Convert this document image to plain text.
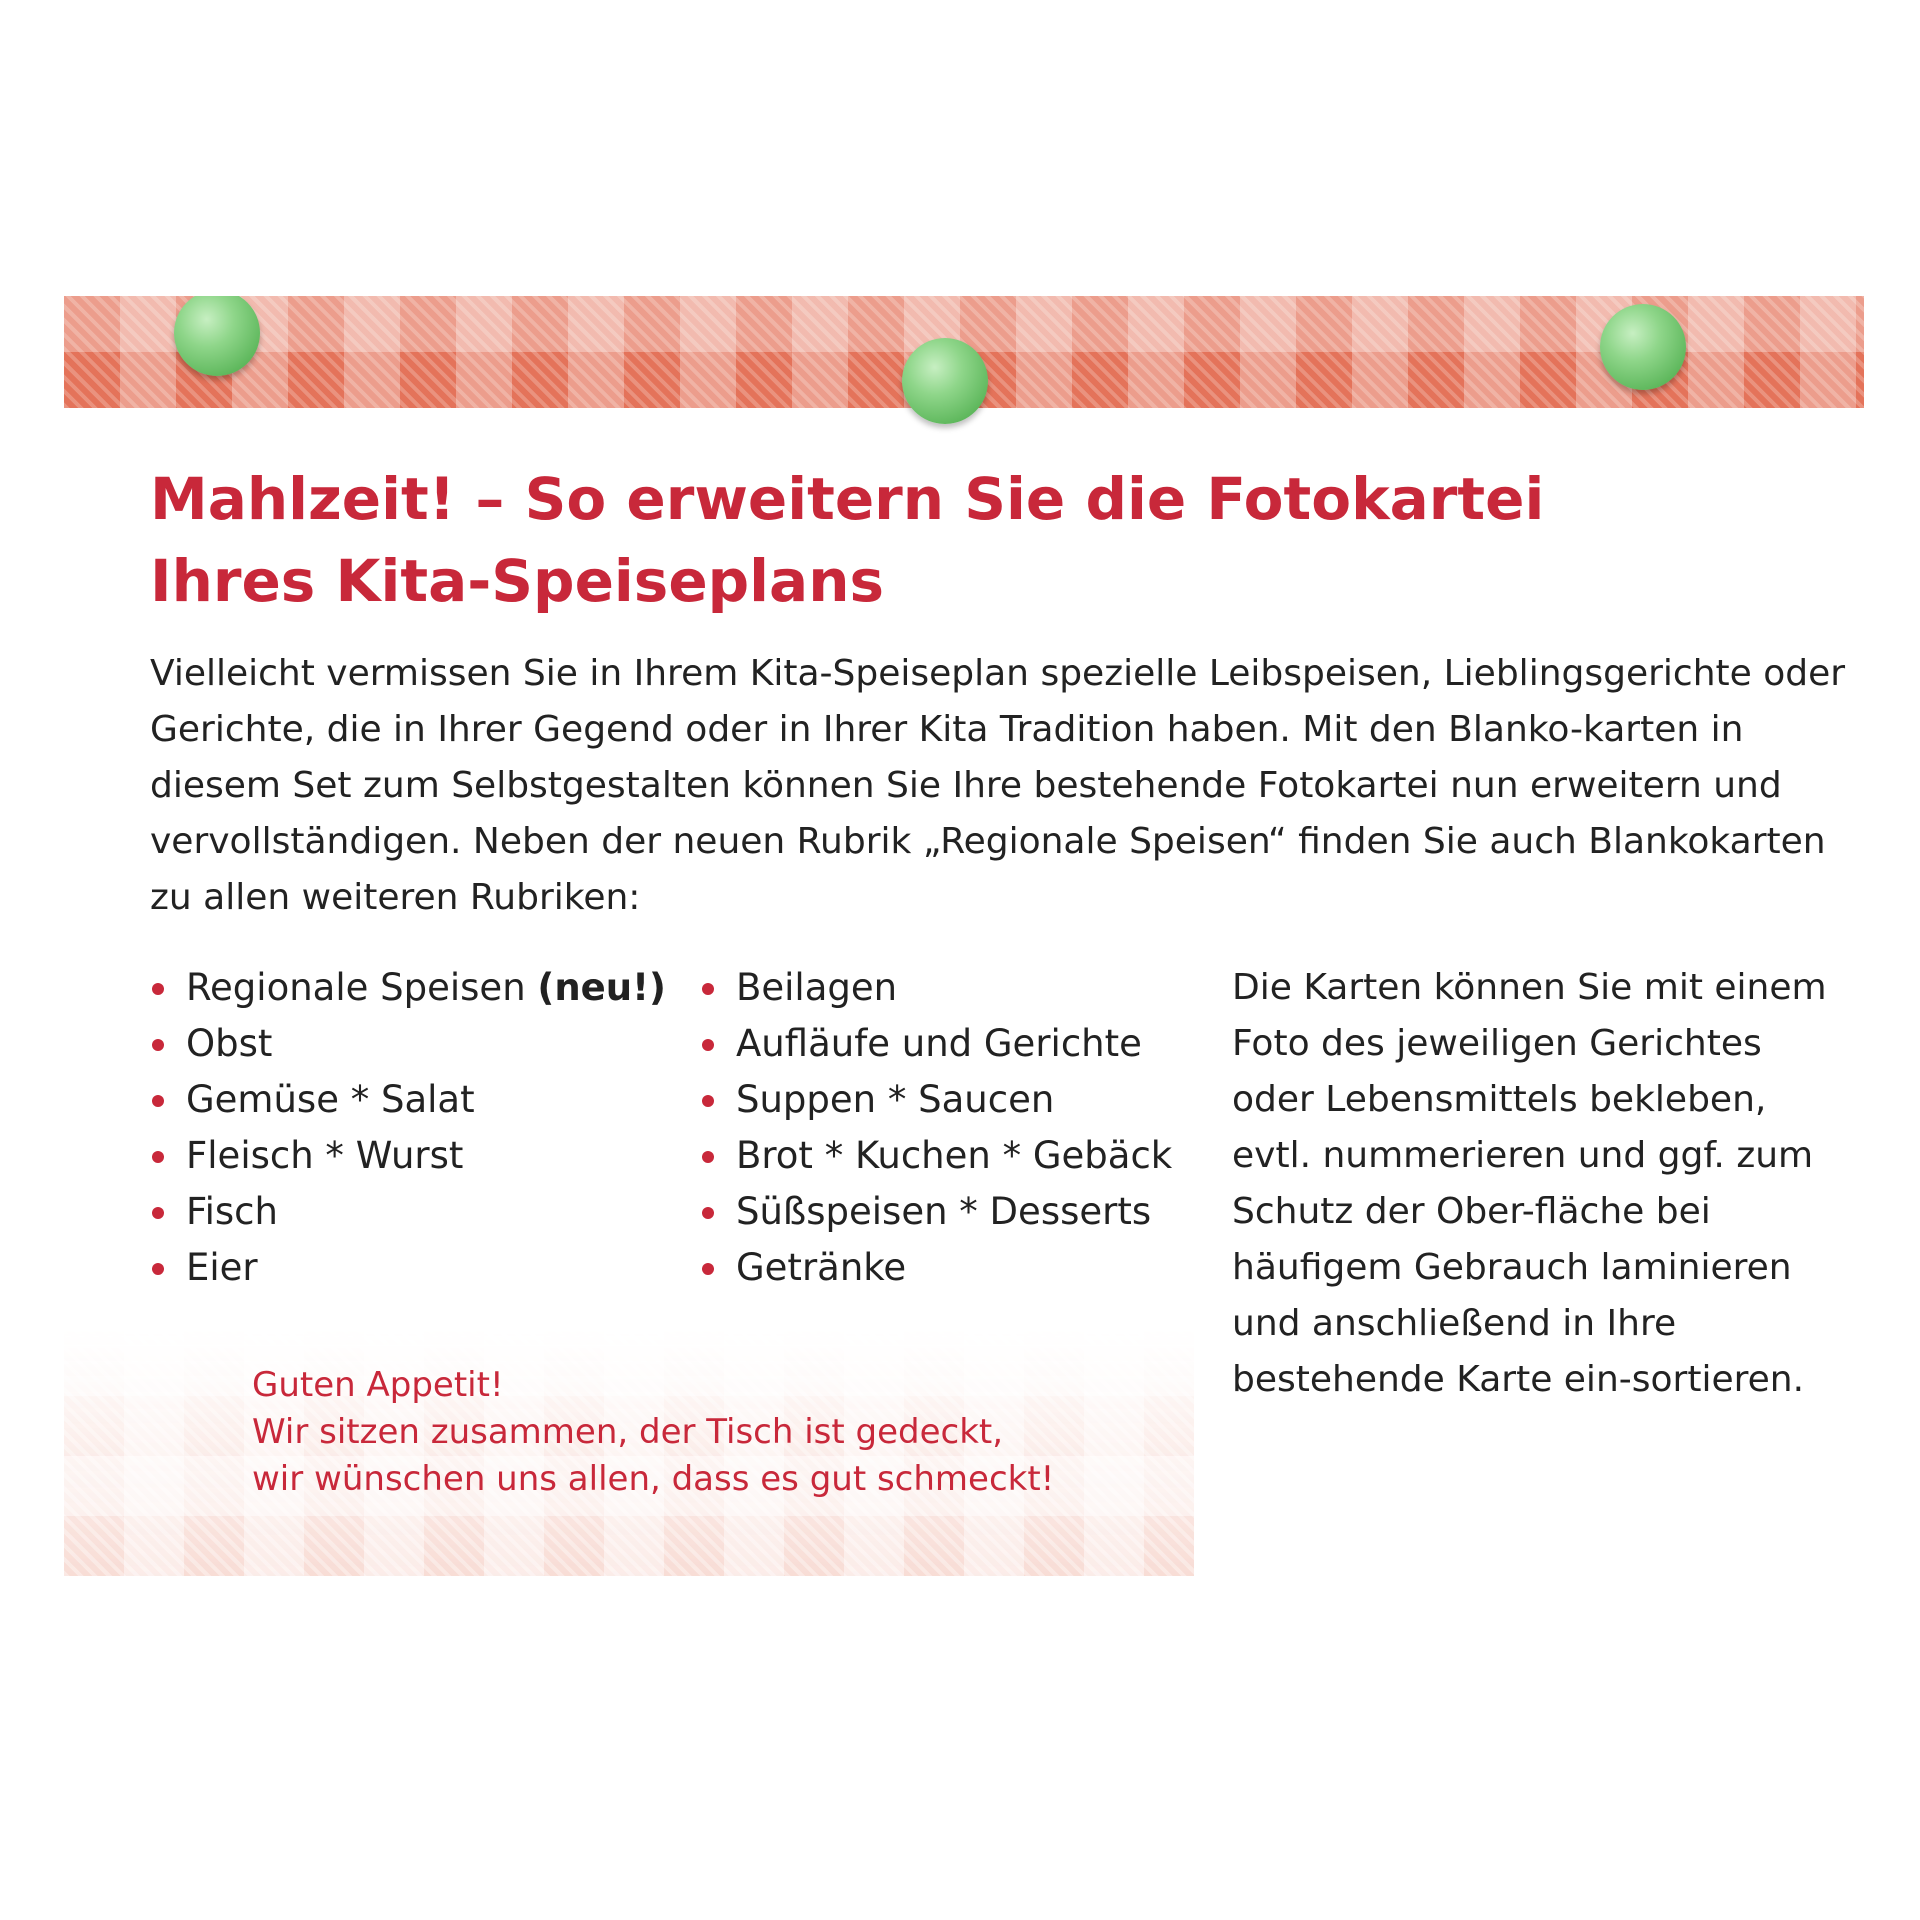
Mahlzeit! – So erweitern Sie die Fotokartei Ihres Kita-Speiseplans

Vielleicht vermissen Sie in Ihrem Kita-Speiseplan spezielle Leibspeisen, Lieblingsgerichte oder Gerichte, die in Ihrer Gegend oder in Ihrer Kita Tradition haben. Mit den Blanko-karten in diesem Set zum Selbstgestalten können Sie Ihre bestehende Fotokartei nun erweitern und vervollständigen. Neben der neuen Rubrik „Regionale Speisen“ finden Sie auch Blankokarten zu allen weiteren Rubriken:

Regionale Speisen (neu!)
Obst
Gemüse * Salat
Fleisch * Wurst
Fisch
Eier
Beilagen
Aufläufe und Gerichte
Suppen * Saucen
Brot * Kuchen * Gebäck
Süßspeisen * Desserts
Getränke

Die Karten können Sie mit einem Foto des jeweiligen Gerichtes oder Lebensmittels bekleben, evtl. nummerieren und ggf. zum Schutz der Ober-fläche bei häufigem Gebrauch laminieren und anschließend in Ihre bestehende Karte ein-sortieren.

Guten Appetit!
Wir sitzen zusammen, der Tisch ist gedeckt,
wir wünschen uns allen, dass es gut schmeckt!
